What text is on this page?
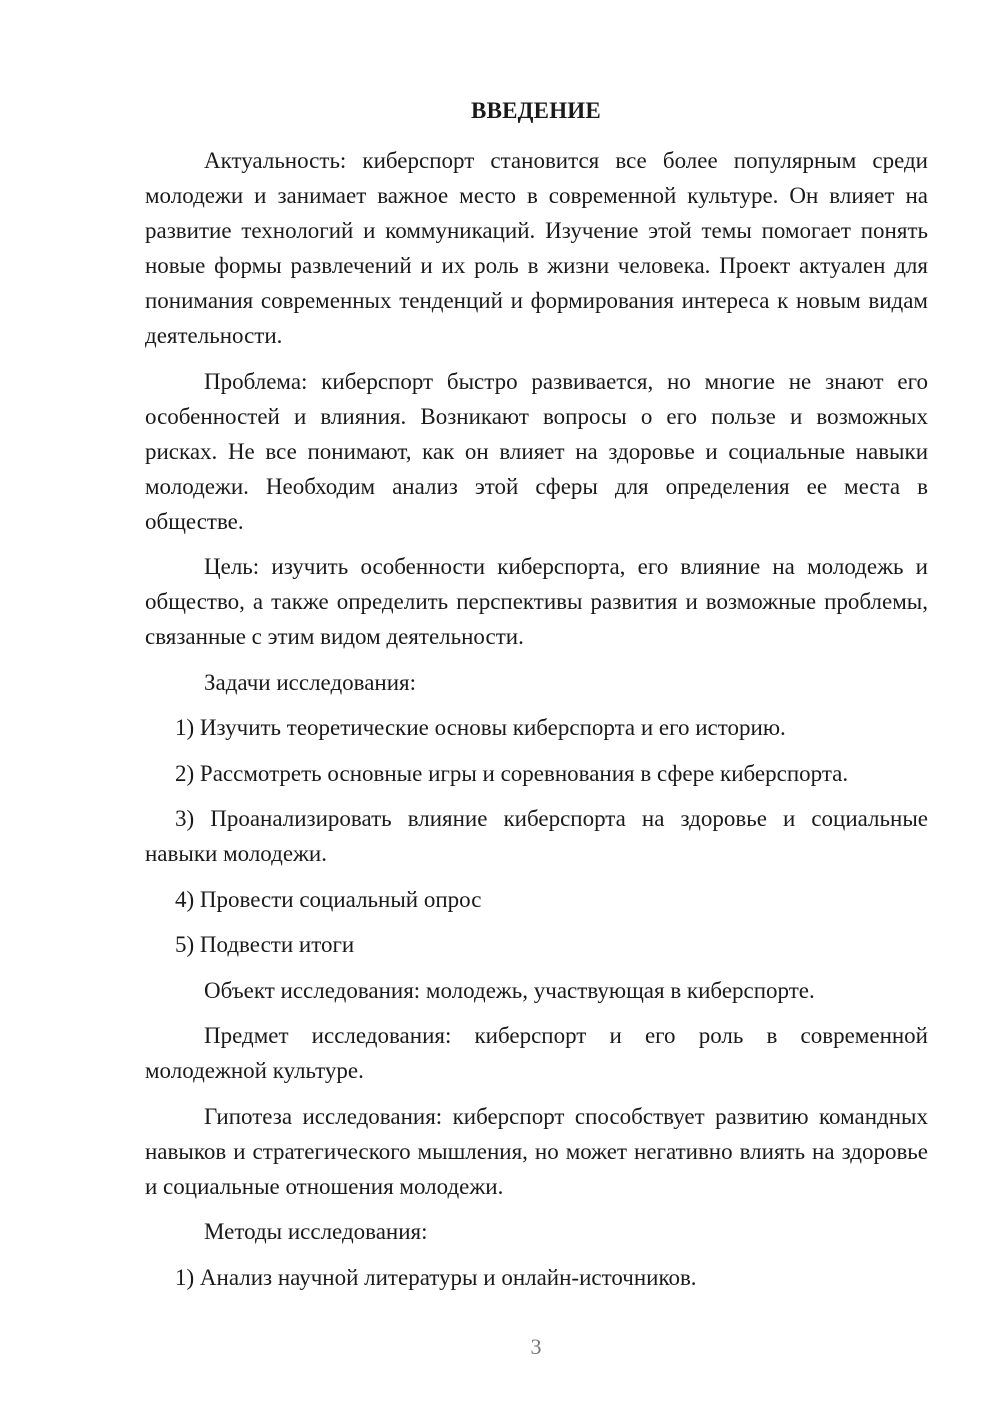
ВВЕДЕНИЕ

Актуальность: киберспорт становится все более популярным среди молодежи и занимает важное место в современной культуре. Он влияет на развитие технологий и коммуникаций. Изучение этой темы помогает понять новые формы развлечений и их роль в жизни человека. Проект актуален для понимания современных тенденций и формирования интереса к новым видам деятельности.

Проблема: киберспорт быстро развивается, но многие не знают его особенностей и влияния. Возникают вопросы о его пользе и возможных рисках. Не все понимают, как он влияет на здоровье и социальные навыки молодежи. Необходим анализ этой сферы для определения ее места в обществе.

Цель: изучить особенности киберспорта, его влияние на молодежь и общество, а также определить перспективы развития и возможные проблемы, связанные с этим видом деятельности.

Задачи исследования:

1) Изучить теоретические основы киберспорта и его историю.

2) Рассмотреть основные игры и соревнования в сфере киберспорта.

3) Проанализировать влияние киберспорта на здоровье и социальные навыки молодежи.

4) Провести социальный опрос

5) Подвести итоги

Объект исследования: молодежь, участвующая в киберспорте.

Предмет исследования: киберспорт и его роль в современной молодежной культуре.

Гипотеза исследования: киберспорт способствует развитию командных навыков и стратегического мышления, но может негативно влиять на здоровье и социальные отношения молодежи.

Методы исследования:

1) Анализ научной литературы и онлайн-источников.

3
